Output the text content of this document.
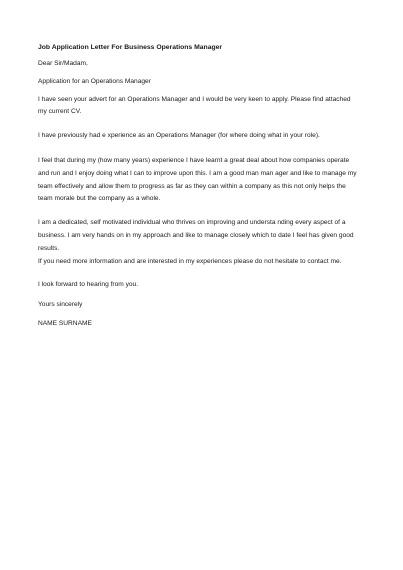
Job Application Letter For Business Operations Manager

Dear Sir/Madam,

Application for an Operations Manager

I have seen your advert for an Operations Manager and I would be very keen to apply. Please find attached

my current CV.

I have previously had e xperience as an Operations Manager (for where doing what in your role).

I feel that during my (how many years) experience I have learnt a great deal about how companies operate

and run and I enjoy doing what I can to improve upon this. I am a good man man ager and like to manage my

team effectively and allow them to progress as far as they can within a company as this not only helps the

team morale but the company as a whole.

I am a dedicated, self motivated individual who thrives on improving and understa nding every aspect of a

business. I am very hands on in my approach and like to manage closely which to date I feel has given good

results.

If you need more information and are interested in my experiences please do not hesitate to contact me.

I look forward to hearing from you.

Yours sincerely

NAME SURNAME
